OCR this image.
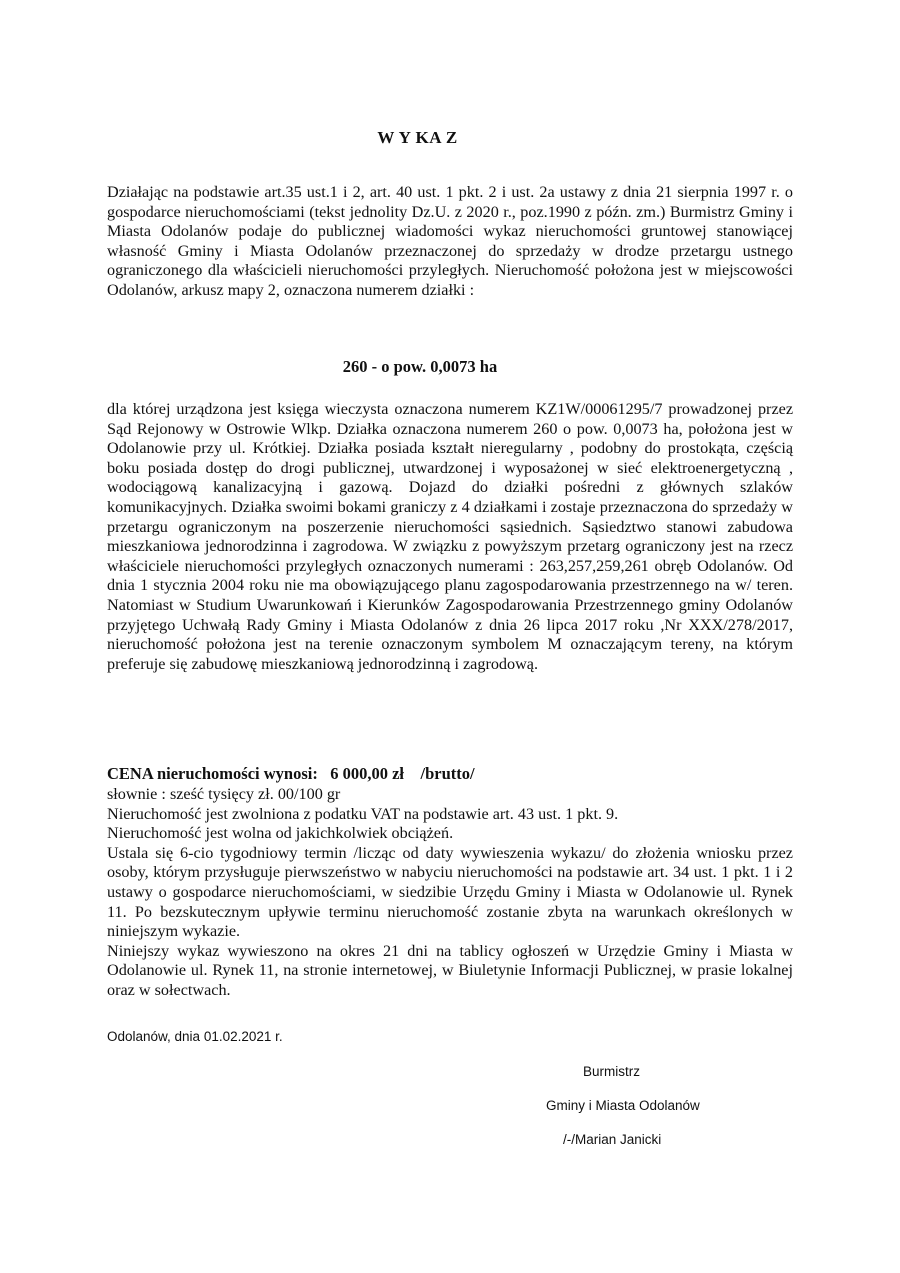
W Y KA Z
Działając na podstawie art.35 ust.1 i 2, art. 40 ust. 1 pkt. 2 i ust. 2a ustawy z dnia 21 sierpnia 1997 r. o gospodarce nieruchomościami (tekst jednolity Dz.U. z 2020 r., poz.1990 z późn. zm.) Burmistrz Gminy i Miasta Odolanów podaje do publicznej wiadomości wykaz nieruchomości gruntowej stanowiącej własność Gminy i Miasta Odolanów przeznaczonej do sprzedaży w drodze przetargu ustnego ograniczonego dla właścicieli nieruchomości przyległych. Nieruchomość położona jest w miejscowości Odolanów, arkusz mapy 2, oznaczona numerem działki :
260 - o pow. 0,0073 ha
dla której urządzona jest księga wieczysta oznaczona numerem KZ1W/00061295/7 prowadzonej przez Sąd Rejonowy w Ostrowie Wlkp. Działka oznaczona numerem 260 o pow. 0,0073 ha, położona jest w Odolanowie przy ul. Krótkiej. Działka posiada kształt nieregularny , podobny do prostokąta, częścią boku posiada dostęp do drogi publicznej, utwardzonej i wyposażonej w sieć elektroenergetyczną , wodociągową kanalizacyjną i gazową. Dojazd do działki pośredni z głównych szlaków komunikacyjnych. Działka swoimi bokami graniczy z 4 działkami i zostaje przeznaczona do sprzedaży w przetargu ograniczonym na poszerzenie nieruchomości sąsiednich. Sąsiedztwo stanowi zabudowa mieszkaniowa jednorodzinna i zagrodowa. W związku z powyższym przetarg ograniczony jest na rzecz właściciele nieruchomości przyległych oznaczonych numerami : 263,257,259,261 obręb Odolanów. Od dnia 1 stycznia 2004 roku nie ma obowiązującego planu zagospodarowania przestrzennego na w/ teren. Natomiast w Studium Uwarunkowań i Kierunków Zagospodarowania Przestrzennego gminy Odolanów przyjętego Uchwałą Rady Gminy i Miasta Odolanów z dnia 26 lipca 2017 roku ,Nr XXX/278/2017, nieruchomość położona jest na terenie oznaczonym symbolem M oznaczającym tereny, na którym preferuje się zabudowę mieszkaniową jednorodzinną i zagrodową.
CENA nieruchomości wynosi:   6 000,00 zł    /brutto/

słownie : sześć tysięcy zł. 00/100 gr

Nieruchomość jest zwolniona z podatku VAT na podstawie art. 43 ust. 1 pkt. 9.

Nieruchomość jest wolna od jakichkolwiek obciążeń.

Ustala się 6-cio tygodniowy termin /licząc od daty wywieszenia wykazu/ do złożenia wniosku przez osoby, którym przysługuje pierwszeństwo w nabyciu nieruchomości na podstawie art. 34 ust. 1 pkt. 1 i 2 ustawy o gospodarce nieruchomościami, w siedzibie Urzędu Gminy i Miasta w Odolanowie ul. Rynek 11. Po bezskutecznym upływie terminu nieruchomość zostanie zbyta na warunkach określonych w niniejszym wykazie.

Niniejszy wykaz wywieszono na okres 21 dni na tablicy ogłoszeń w Urzędzie Gminy i Miasta w Odolanowie ul. Rynek 11, na stronie internetowej, w Biuletynie Informacji Publicznej, w prasie lokalnej oraz w sołectwach.

Odolanów, dnia 01.02.2021 r.
Burmistrz
Gminy i Miasta Odolanów
/-/Marian Janicki
